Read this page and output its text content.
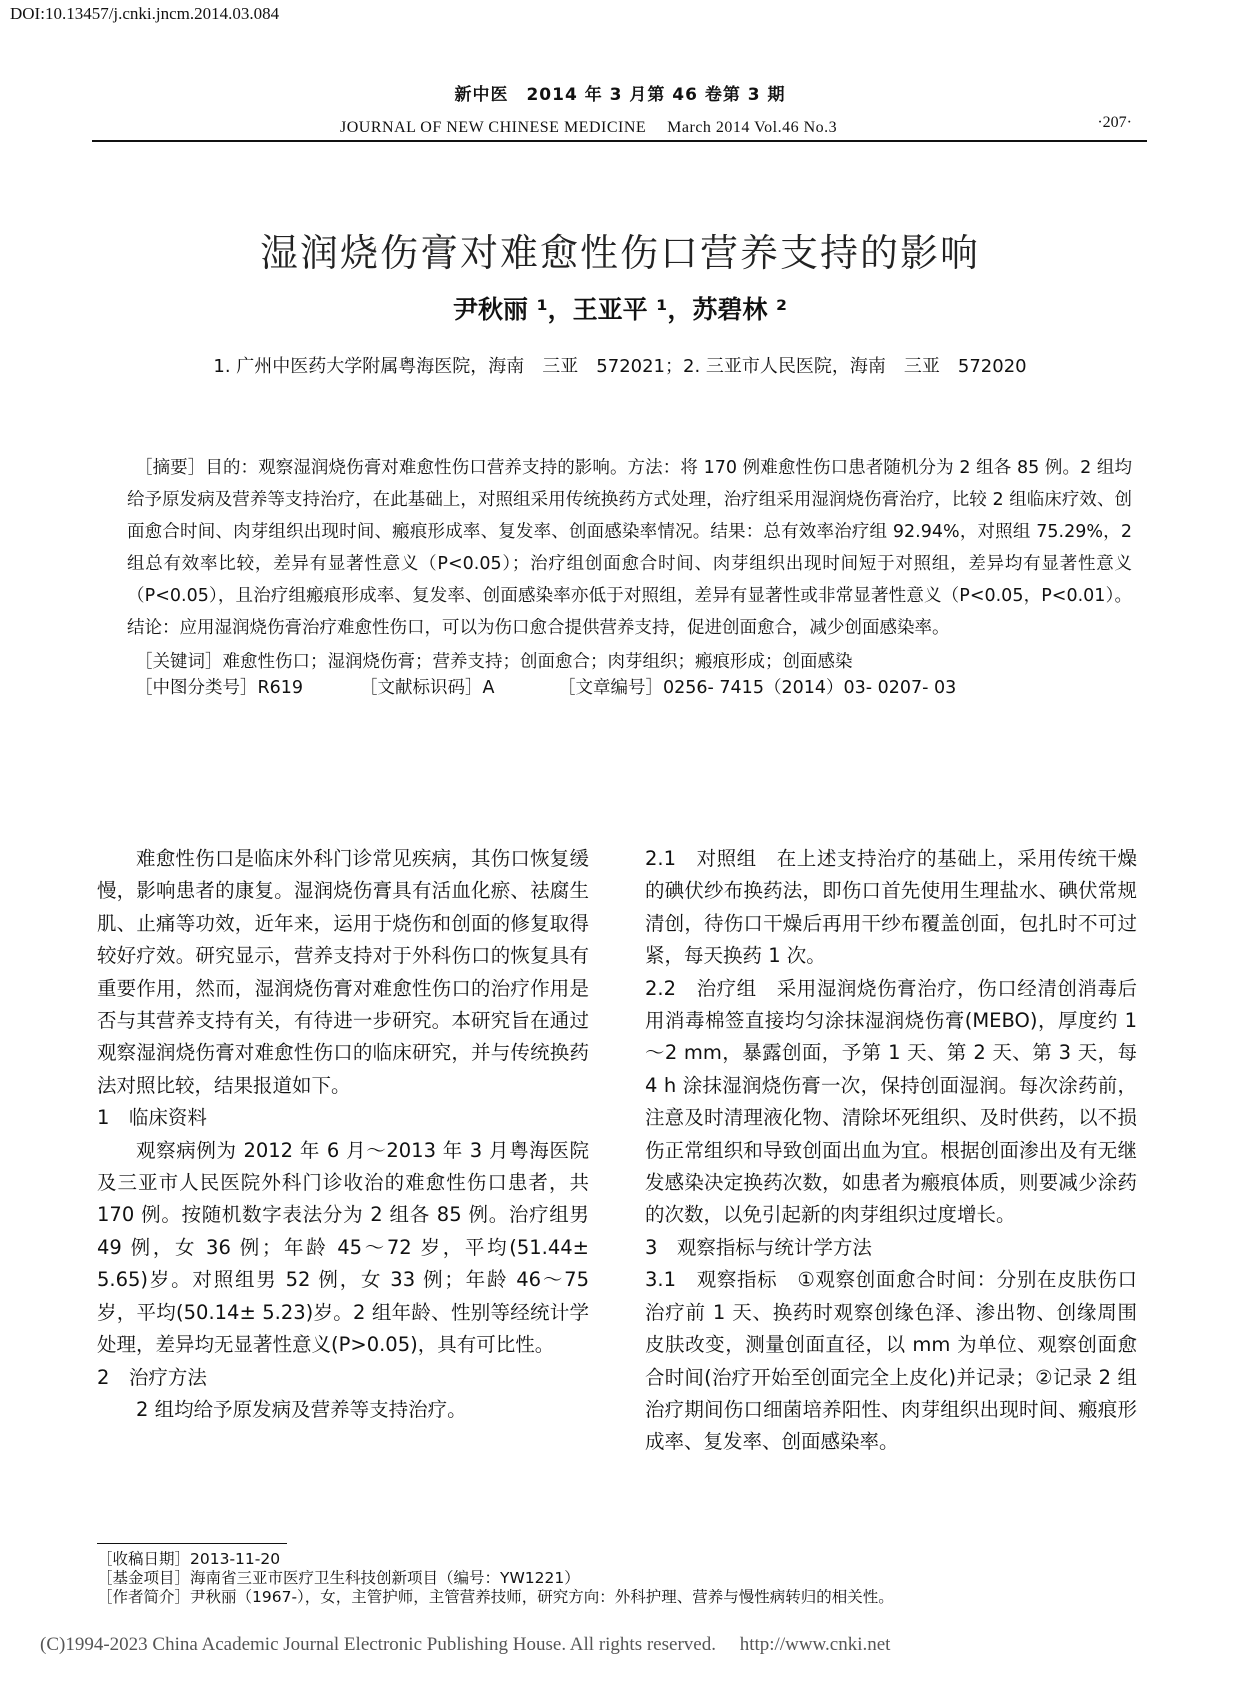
DOI:10.13457/j.cnki.jncm.2014.03.084
新中医　2014 年 3 月第 46 卷第 3 期
JOURNAL OF NEW CHINESE MEDICINE　 March 2014 Vol.46 No.3	·207·
湿润烧伤膏对难愈性伤口营养支持的影响
尹秋丽 ¹，王亚平 ¹，苏碧林 ²
1. 广州中医药大学附属粤海医院，海南　三亚　572021；2. 三亚市人民医院，海南　三亚　572020

［摘要］目的：观察湿润烧伤膏对难愈性伤口营养支持的影响。方法：将 170 例难愈性伤口患者随机分为 2 组各 85 例。2 组均给予原发病及营养等支持治疗，在此基础上，对照组采用传统换药方式处理，治疗组采用湿润烧伤膏治疗，比较 2 组临床疗效、创面愈合时间、肉芽组织出现时间、瘢痕形成率、复发率、创面感染率情况。结果：总有效率治疗组 92.94%，对照组 75.29%，2 组总有效率比较，差异有显著性意义（P<0.05）；治疗组创面愈合时间、肉芽组织出现时间短于对照组，差异均有显著性意义（P<0.05），且治疗组瘢痕形成率、复发率、创面感染率亦低于对照组，差异有显著性或非常显著性意义（P<0.05，P<0.01）。结论：应用湿润烧伤膏治疗难愈性伤口，可以为伤口愈合提供营养支持，促进创面愈合，减少创面感染率。

［关键词］难愈性伤口；湿润烧伤膏；营养支持；创面愈合；肉芽组织；瘢痕形成；创面感染

［中图分类号］R619	［文献标识码］A	［文章编号］0256- 7415（2014）03- 0207- 03

难愈性伤口是临床外科门诊常见疾病，其伤口恢复缓慢，影响患者的康复。湿润烧伤膏具有活血化瘀、祛腐生肌、止痛等功效，近年来，运用于烧伤和创面的修复取得较好疗效。研究显示，营养支持对于外科伤口的恢复具有重要作用，然而，湿润烧伤膏对难愈性伤口的治疗作用是否与其营养支持有关，有待进一步研究。本研究旨在通过观察湿润烧伤膏对难愈性伤口的临床研究，并与传统换药法对照比较，结果报道如下。

1　临床资料

观察病例为 2012 年 6 月～2013 年 3 月粤海医院及三亚市人民医院外科门诊收治的难愈性伤口患者，共 170 例。按随机数字表法分为 2 组各 85 例。治疗组男 49 例，女 36 例；年龄 45～72 岁，平均(51.44± 5.65)岁。对照组男 52 例，女 33 例；年龄 46～75 岁，平均(50.14± 5.23)岁。2 组年龄、性别等经统计学处理，差异均无显著性意义(P>0.05)，具有可比性。

2　治疗方法

2 组均给予原发病及营养等支持治疗。

2.1　对照组　在上述支持治疗的基础上，采用传统干燥的碘伏纱布换药法，即伤口首先使用生理盐水、碘伏常规清创，待伤口干燥后再用干纱布覆盖创面，包扎时不可过紧，每天换药 1 次。

2.2　治疗组　采用湿润烧伤膏治疗，伤口经清创消毒后用消毒棉签直接均匀涂抹湿润烧伤膏(MEBO)，厚度约 1～2 mm，暴露创面，予第 1 天、第 2 天、第 3 天，每 4 h 涂抹湿润烧伤膏一次，保持创面湿润。每次涂药前，注意及时清理液化物、清除坏死组织、及时供药，以不损伤正常组织和导致创面出血为宜。根据创面渗出及有无继发感染决定换药次数，如患者为瘢痕体质，则要减少涂药的次数，以免引起新的肉芽组织过度增长。

3　观察指标与统计学方法

3.1　观察指标　①观察创面愈合时间：分别在皮肤伤口治疗前 1 天、换药时观察创缘色泽、渗出物、创缘周围皮肤改变，测量创面直径，以 mm 为单位、观察创面愈合时间(治疗开始至创面完全上皮化)并记录；②记录 2 组治疗期间伤口细菌培养阳性、肉芽组织出现时间、瘢痕形成率、复发率、创面感染率。

［收稿日期］2013-11-20
［基金项目］海南省三亚市医疗卫生科技创新项目（编号：YW1221）
［作者简介］尹秋丽（1967-），女，主管护师，主管营养技师，研究方向：外科护理、营养与慢性病转归的相关性。
(C)1994-2023 China Academic Journal Electronic Publishing House. All rights reserved.　 http://www.cnki.net
